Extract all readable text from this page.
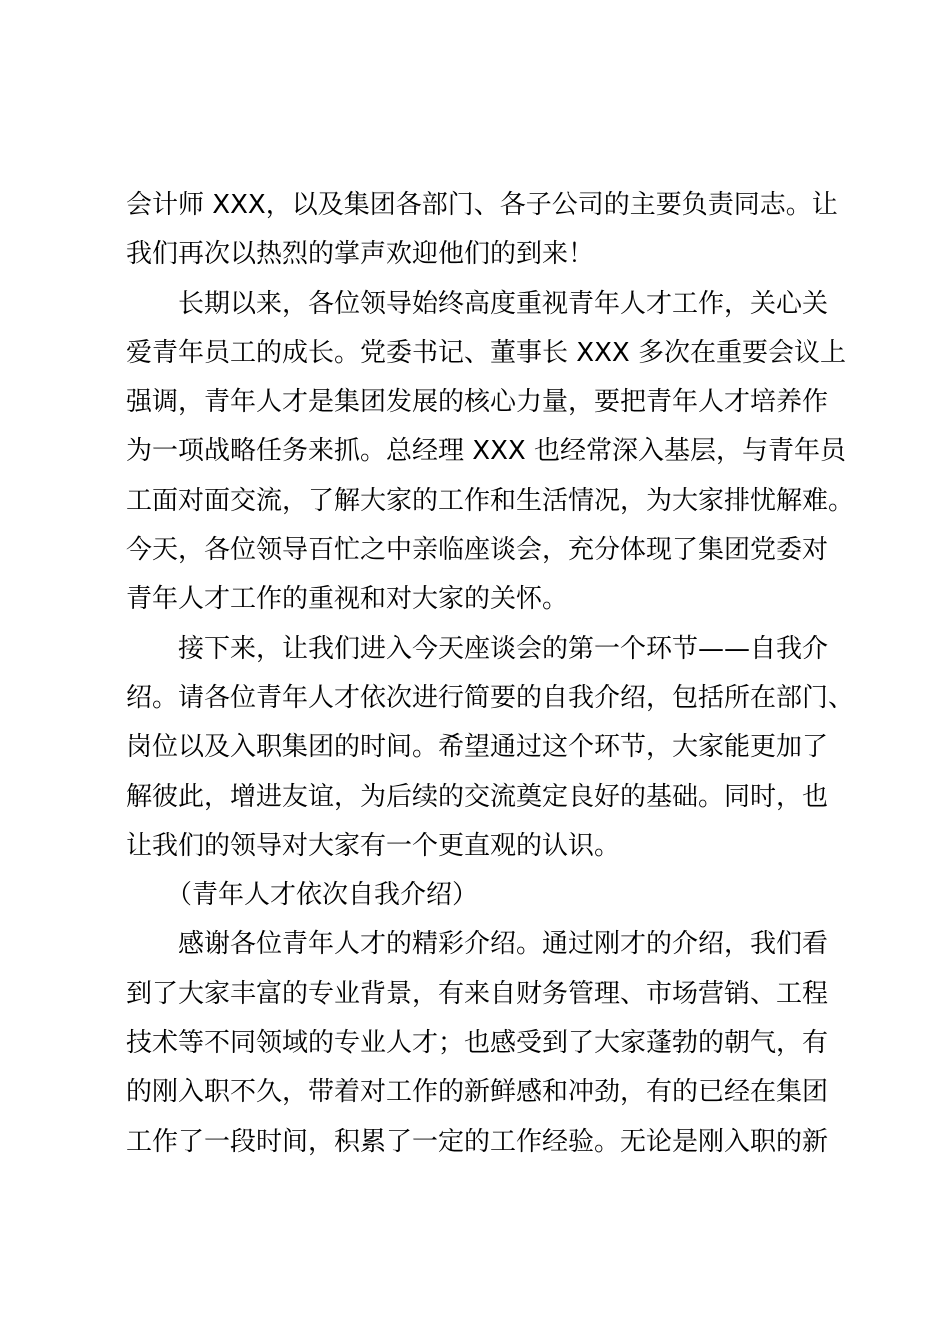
会计师 XXX，以及集团各部门、各子公司的主要负责同志。让
我们再次以热烈的掌声欢迎他们的到来！
长期以来，各位领导始终高度重视青年人才工作，关心关
爱青年员工的成长。党委书记、董事长 XXX 多次在重要会议上
强调，青年人才是集团发展的核心力量，要把青年人才培养作
为一项战略任务来抓。总经理 XXX 也经常深入基层，与青年员
工面对面交流，了解大家的工作和生活情况，为大家排忧解难。
今天，各位领导百忙之中亲临座谈会，充分体现了集团党委对
青年人才工作的重视和对大家的关怀。
接下来，让我们进入今天座谈会的第一个环节——自我介
绍。请各位青年人才依次进行简要的自我介绍，包括所在部门、
岗位以及入职集团的时间。希望通过这个环节，大家能更加了
解彼此，增进友谊，为后续的交流奠定良好的基础。同时，也
让我们的领导对大家有一个更直观的认识。
（青年人才依次自我介绍）
感谢各位青年人才的精彩介绍。通过刚才的介绍，我们看
到了大家丰富的专业背景，有来自财务管理、市场营销、工程
技术等不同领域的专业人才；也感受到了大家蓬勃的朝气，有
的刚入职不久，带着对工作的新鲜感和冲劲，有的已经在集团
工作了一段时间，积累了一定的工作经验。无论是刚入职的新
